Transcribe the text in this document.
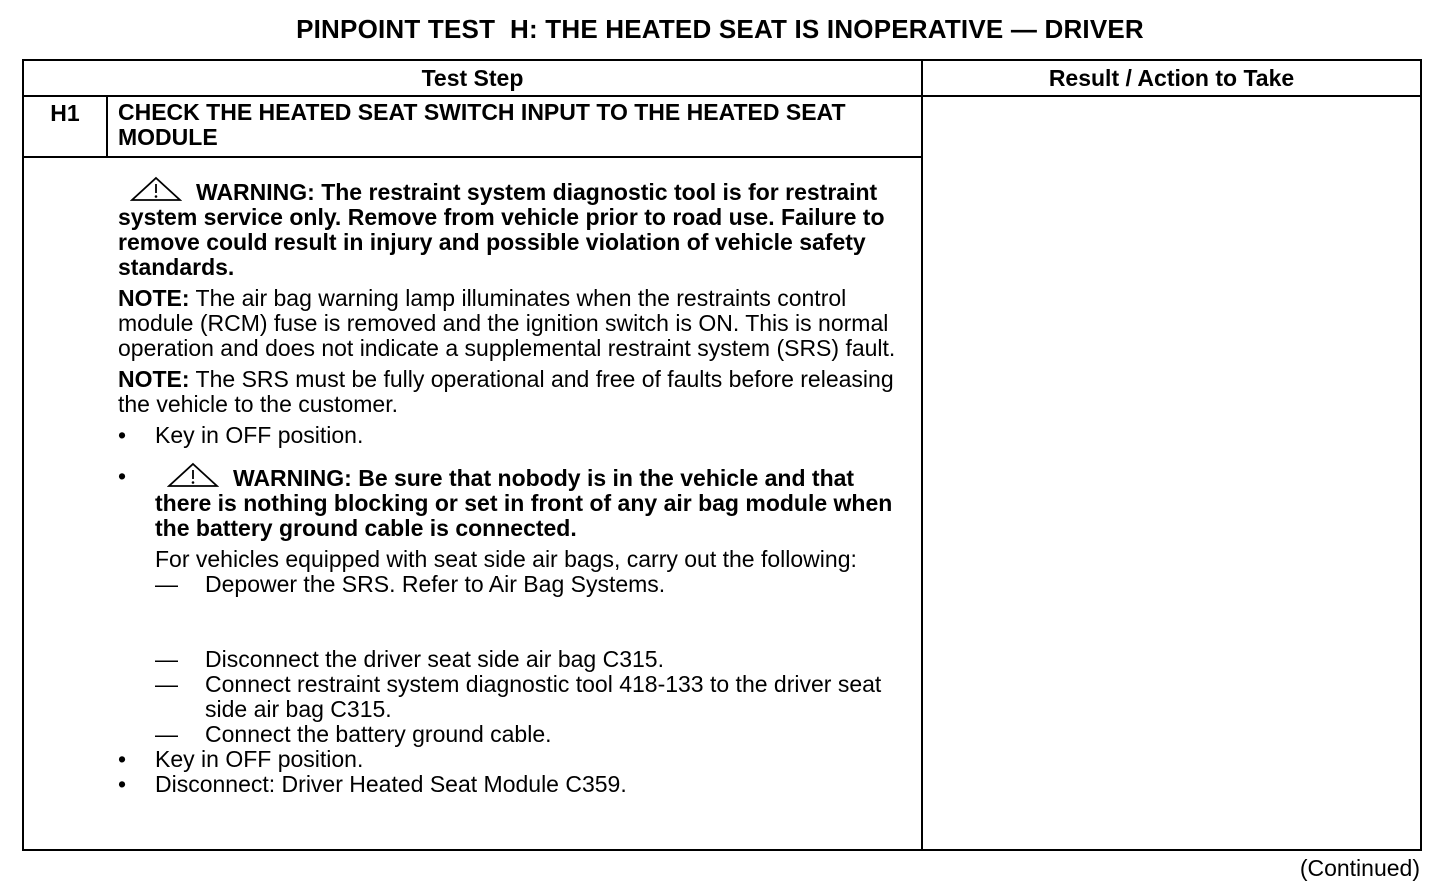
PINPOINT TEST  H: THE HEATED SEAT IS INOPERATIVE — DRIVER
Test Step	Result / Action to Take
H1	CHECK THE HEATED SEAT SWITCH INPUT TO THE HEATED SEAT MODULE
WARNING: The restraint system diagnostic tool is for restraint system service only. Remove from vehicle prior to road use. Failure to remove could result in injury and possible violation of vehicle safety standards.
NOTE: The air bag warning lamp illuminates when the restraints control module (RCM) fuse is removed and the ignition switch is ON. This is normal operation and does not indicate a supplemental restraint system (SRS) fault.
NOTE: The SRS must be fully operational and free of faults before releasing the vehicle to the customer.
• Key in OFF position.
•	WARNING: Be sure that nobody is in the vehicle and that there is nothing blocking or set in front of any air bag module when the battery ground cable is connected.
For vehicles equipped with seat side air bags, carry out the following:
— Depower the SRS. Refer to Air Bag Systems.
— Disconnect the driver seat side air bag C315.
— Connect restraint system diagnostic tool 418-133 to the driver seat side air bag C315.
— Connect the battery ground cable.
• Key in OFF position.
• Disconnect: Driver Heated Seat Module C359.
(Continued)
